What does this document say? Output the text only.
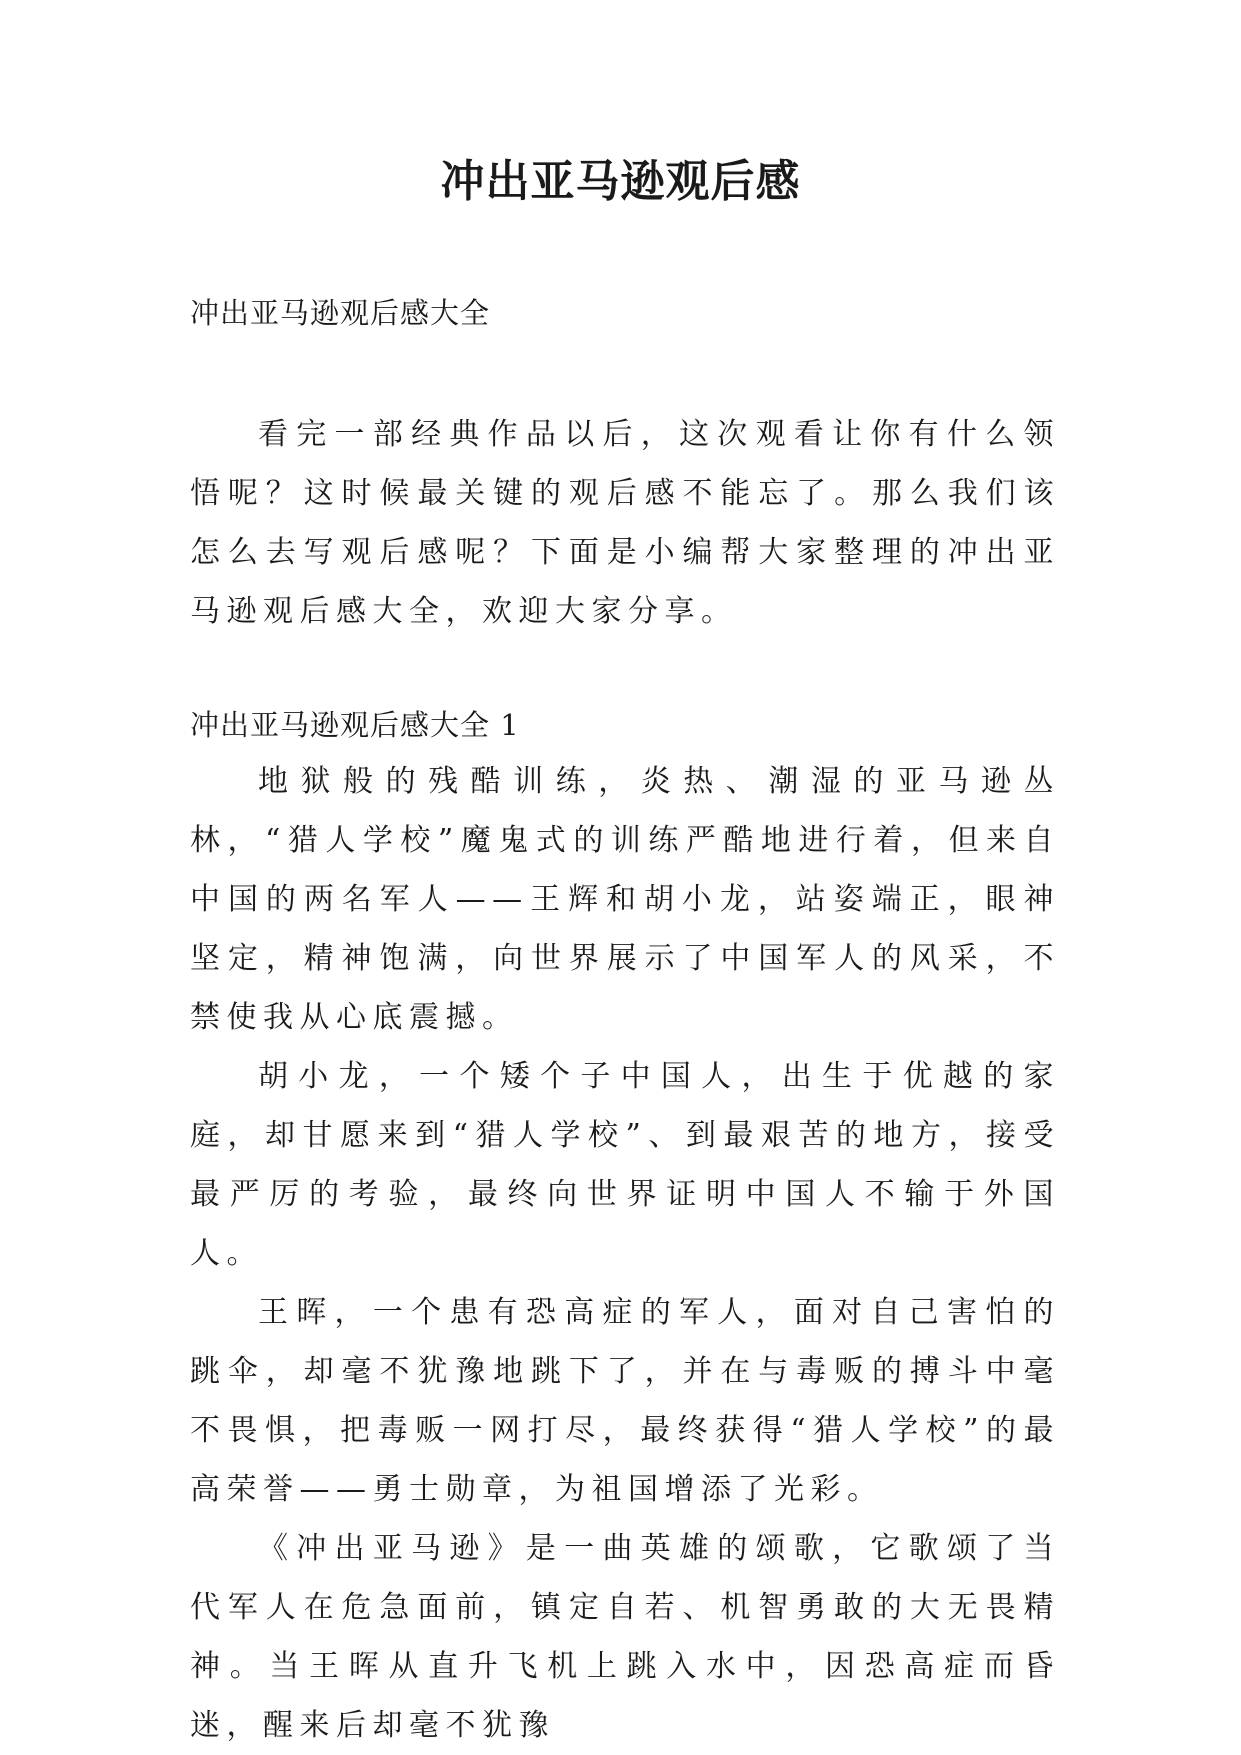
冲出亚马逊观后感
冲出亚马逊观后感大全

看完一部经典作品以后，这次观看让你有什么领悟呢？这时候最关键的观后感不能忘了。那么我们该怎么去写观后感呢？下面是小编帮大家整理的冲出亚马逊观后感大全，欢迎大家分享。

冲出亚马逊观后感大全 1

地狱般的残酷训练，炎热、潮湿的亚马逊丛林，“猎人学校”魔鬼式的训练严酷地进行着，但来自中国的两名军人——王辉和胡小龙，站姿端正，眼神坚定，精神饱满，向世界展示了中国军人的风采，不禁使我从心底震撼。

胡小龙，一个矮个子中国人，出生于优越的家庭，却甘愿来到“猎人学校”、到最艰苦的地方，接受最严厉的考验，最终向世界证明中国人不输于外国人。

王晖，一个患有恐高症的军人，面对自己害怕的跳伞，却毫不犹豫地跳下了，并在与毒贩的搏斗中毫不畏惧，把毒贩一网打尽，最终获得“猎人学校”的最高荣誉——勇士勋章，为祖国增添了光彩。

《冲出亚马逊》是一曲英雄的颂歌，它歌颂了当代军人在危急面前，镇定自若、机智勇敢的大无畏精神。当王晖从直升飞机上跳入水中，因恐高症而昏迷，醒来后却毫不犹豫
